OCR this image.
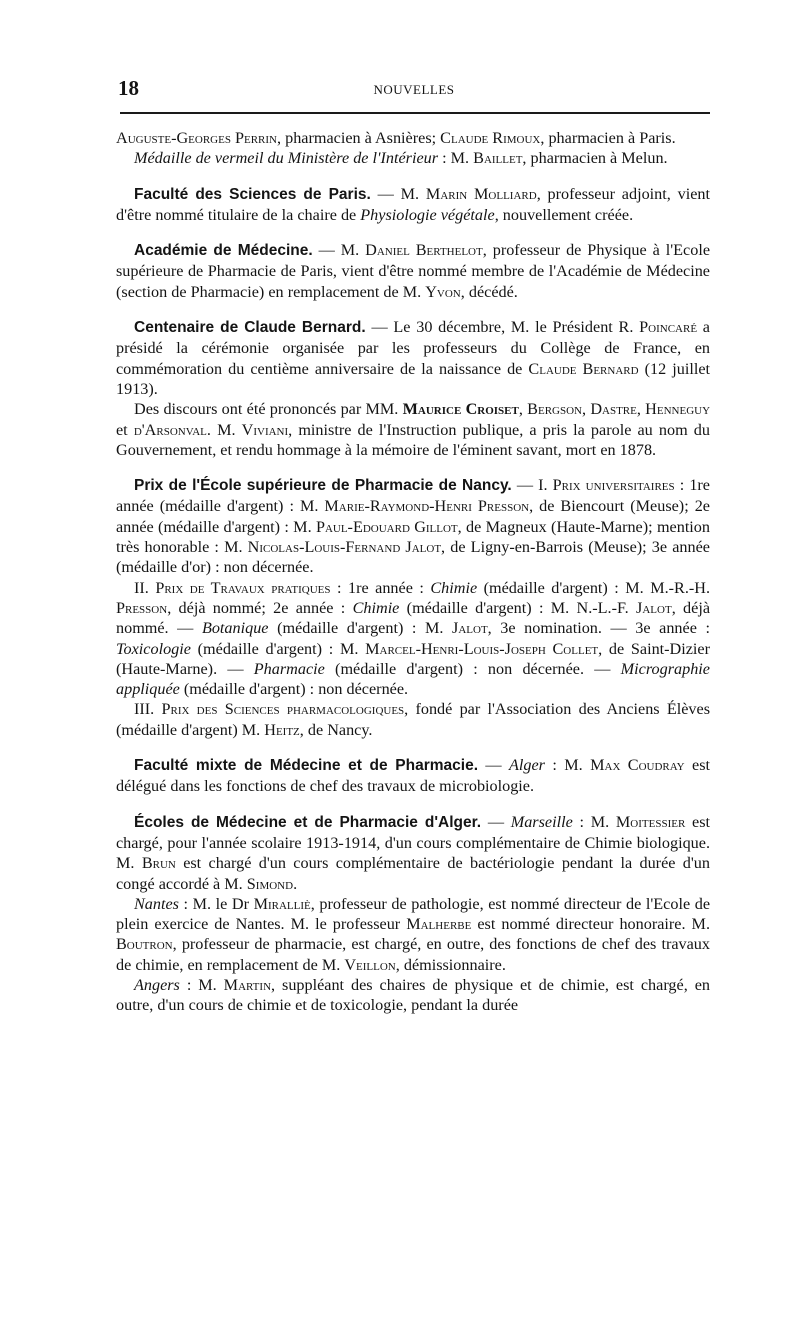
18	NOUVELLES

Auguste-Georges Perrin, pharmacien à Asnières; Claude Rimoux, pharmacien à Paris.

Médaille de vermeil du Ministère de l'Intérieur : M. Baillet, pharmacien à Melun.

Faculté des Sciences de Paris. — M. Marin Molliard, professeur adjoint, vient d'être nommé titulaire de la chaire de Physiologie végétale, nouvellement créée.

Académie de Médecine. — M. Daniel Berthelot, professeur de Physique à l'Ecole supérieure de Pharmacie de Paris, vient d'être nommé membre de l'Académie de Médecine (section de Pharmacie) en remplacement de M. Yvon, décédé.

Centenaire de Claude Bernard. — Le 30 décembre, M. le Président R. Poincaré a présidé la cérémonie organisée par les professeurs du Collège de France, en commémoration du centième anniversaire de la naissance de Claude Bernard (12 juillet 1913).

Des discours ont été prononcés par MM. Maurice Croiset, Bergson, Dastre, Henneguy et d'Arsonval. M. Viviani, ministre de l'Instruction publique, a pris la parole au nom du Gouvernement, et rendu hommage à la mémoire de l'éminent savant, mort en 1878.

Prix de l'École supérieure de Pharmacie de Nancy. — I. Prix universitaires : 1re année (médaille d'argent) : M. Marie-Raymond-Henri Presson, de Biencourt (Meuse); 2e année (médaille d'argent) : M. Paul-Edouard Gillot, de Magneux (Haute-Marne); mention très honorable : M. Nicolas-Louis-Fernand Jalot, de Ligny-en-Barrois (Meuse); 3e année (médaille d'or) : non décernée.

II. Prix de Travaux pratiques : 1re année : Chimie (médaille d'argent) : M. M.-R.-H. Presson, déjà nommé; 2e année : Chimie (médaille d'argent) : M. N.-L.-F. Jalot, déjà nommé. — Botanique (médaille d'argent) : M. Jalot, 3e nomination. — 3e année : Toxicologie (médaille d'argent) : M. Marcel-Henri-Louis-Joseph Collet, de Saint-Dizier (Haute-Marne). — Pharmacie (médaille d'argent) : non décernée. — Micrographie appliquée (médaille d'argent) : non décernée.

III. Prix des Sciences pharmacologiques, fondé par l'Association des Anciens Élèves (médaille d'argent) M. Heitz, de Nancy.

Faculté mixte de Médecine et de Pharmacie. — Alger : M. Max Coudray est délégué dans les fonctions de chef des travaux de microbiologie.

Écoles de Médecine et de Pharmacie d'Alger. — Marseille : M. Moitessier est chargé, pour l'année scolaire 1913-1914, d'un cours complémentaire de Chimie biologique. M. Brun est chargé d'un cours complémentaire de bactériologie pendant la durée d'un congé accordé à M. Simond.

Nantes : M. le Dr Miralliè, professeur de pathologie, est nommé directeur de l'Ecole de plein exercice de Nantes. M. le professeur Malherbe est nommé directeur honoraire. M. Boutron, professeur de pharmacie, est chargé, en outre, des fonctions de chef des travaux de chimie, en remplacement de M. Veillon, démissionnaire.

Angers : M. Martin, suppléant des chaires de physique et de chimie, est chargé, en outre, d'un cours de chimie et de toxicologie, pendant la durée
